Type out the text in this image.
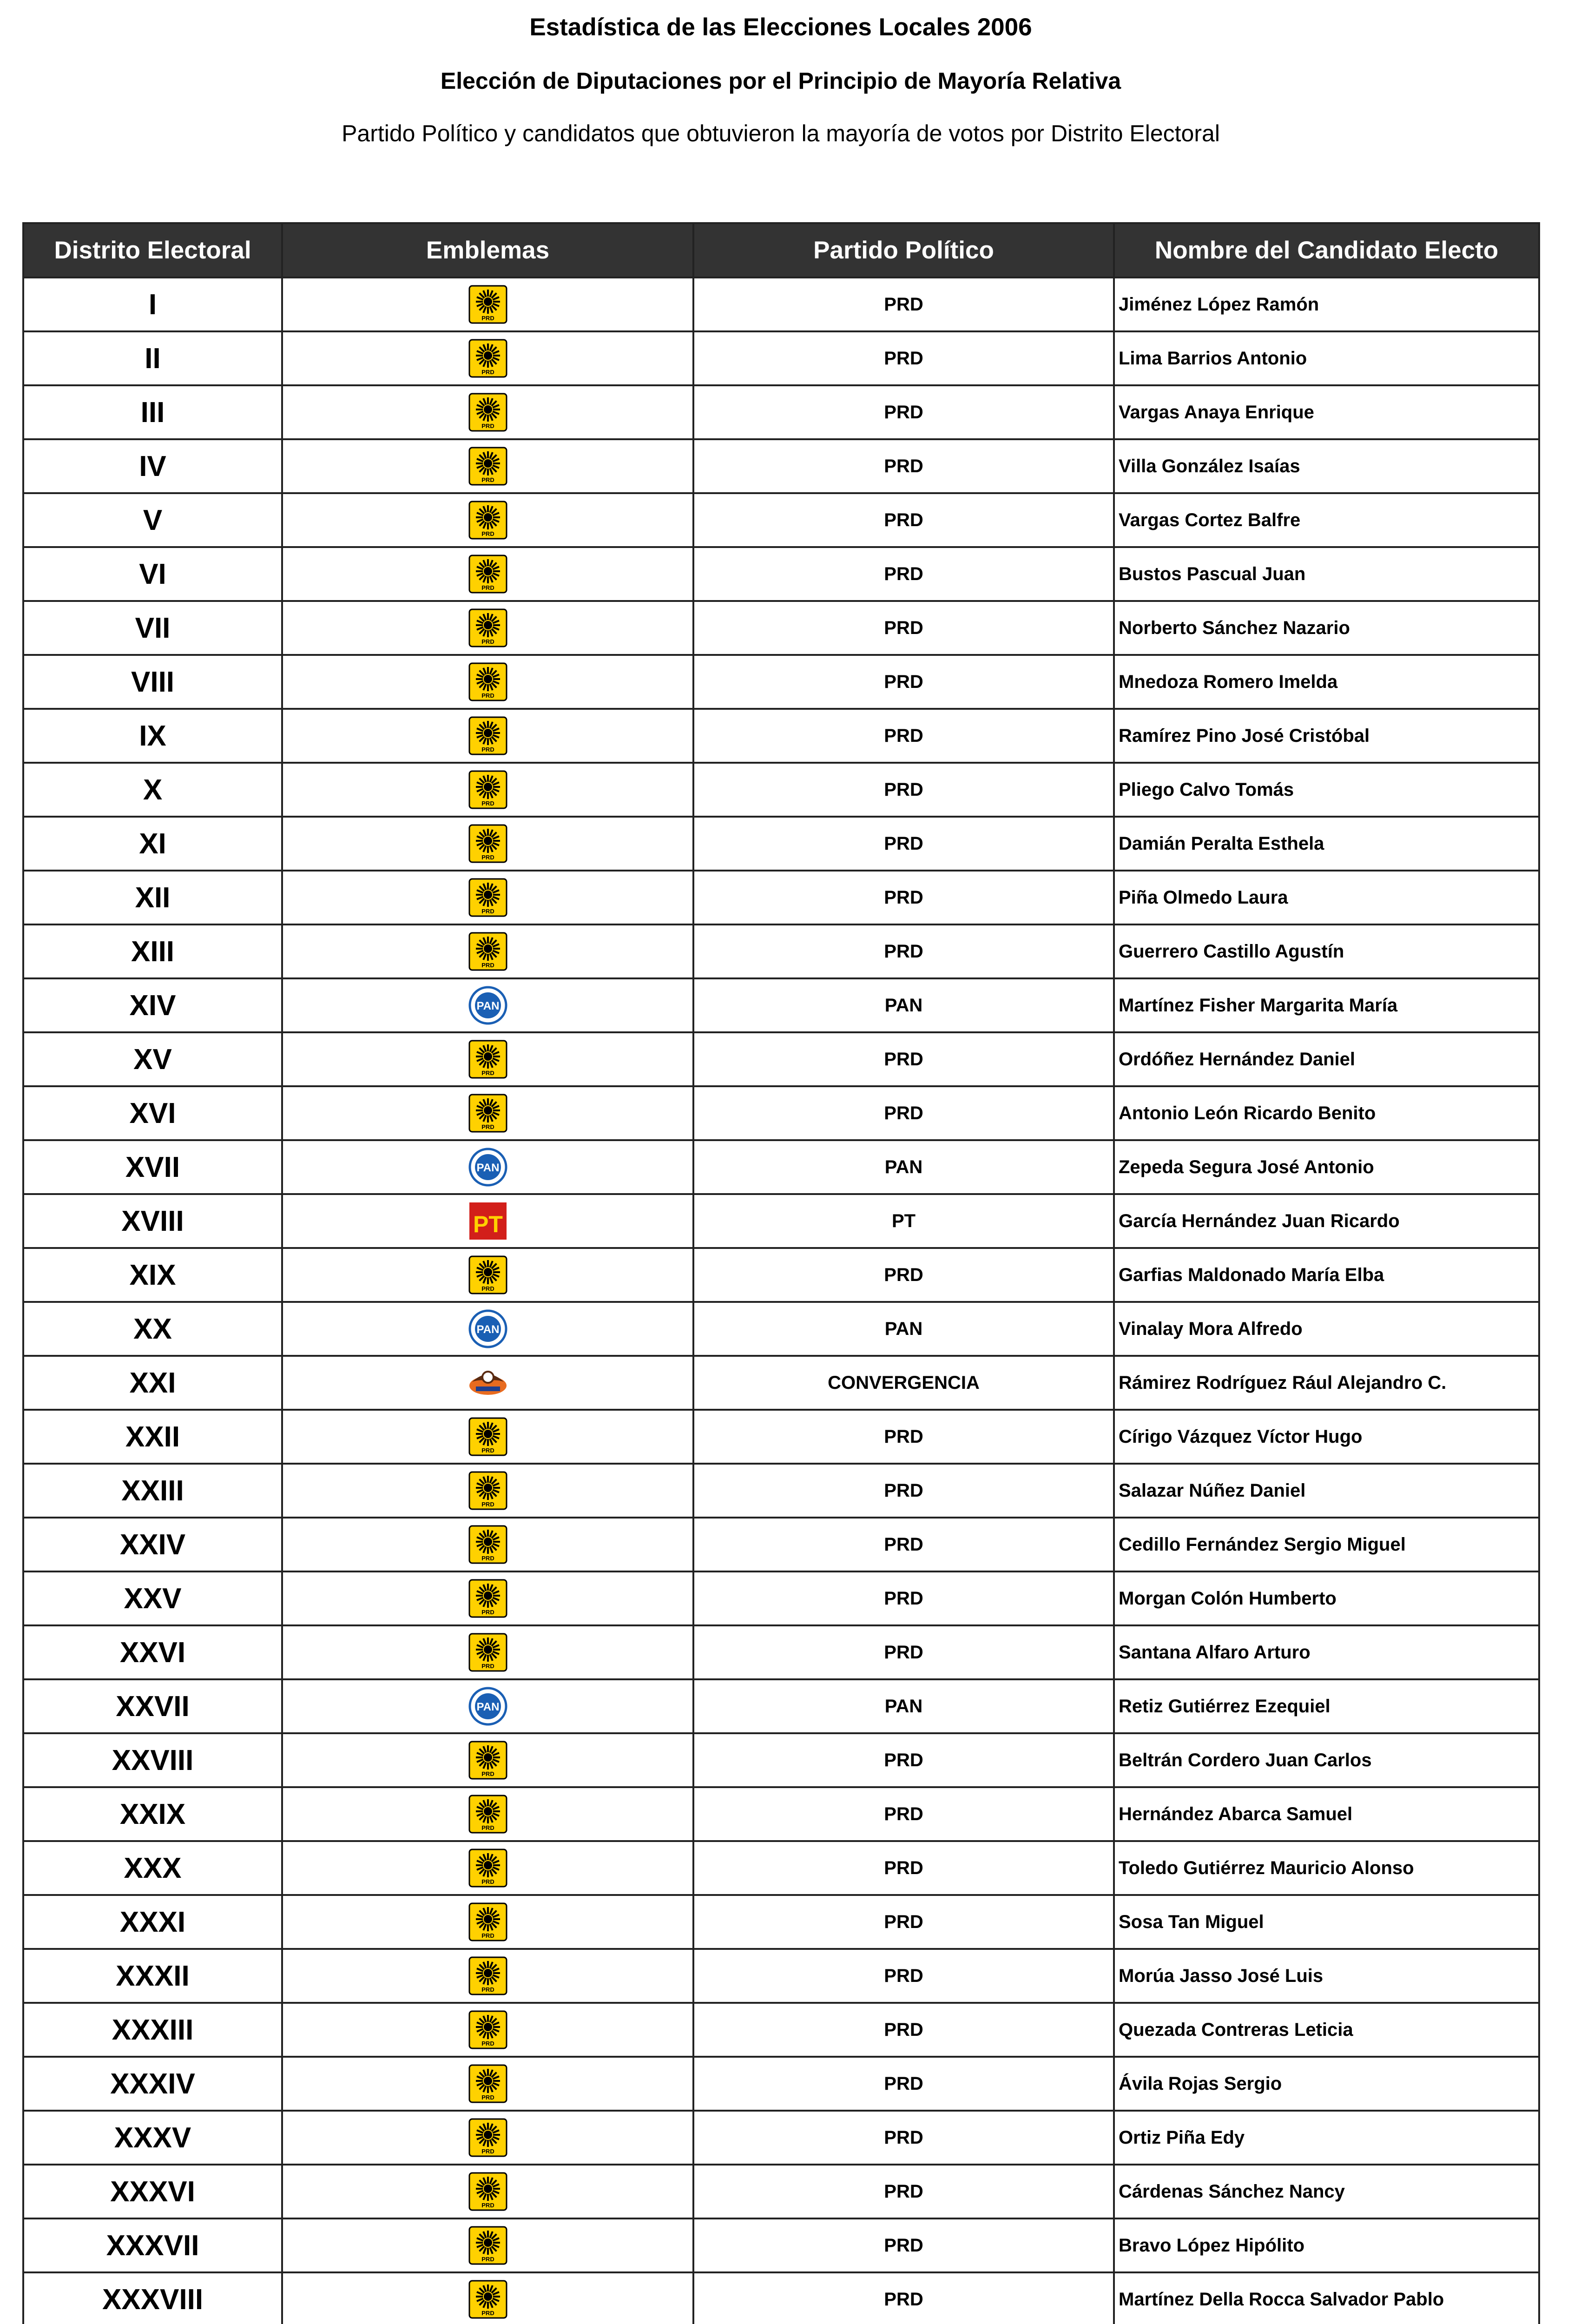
Estadística de las Elecciones Locales 2006
Elección de Diputaciones por el Principio de Mayoría Relativa
Partido Político y candidatos que obtuvieron la mayoría de votos por Distrito Electoral
Distrito Electoral	Emblemas	Partido Político	Nombre del Candidato Electo
I	PRD	PRD	Jiménez López Ramón
II	PRD	PRD	Lima Barrios Antonio
III	PRD	PRD	Vargas Anaya Enrique
IV	PRD	PRD	Villa González Isaías
V	PRD	PRD	Vargas Cortez Balfre
VI	PRD	PRD	Bustos Pascual Juan
VII	PRD	PRD	Norberto Sánchez Nazario
VIII	PRD	PRD	Mnedoza Romero Imelda
IX	PRD	PRD	Ramírez Pino José Cristóbal
X	PRD	PRD	Pliego Calvo Tomás
XI	PRD	PRD	Damián Peralta Esthela
XII	PRD	PRD	Piña Olmedo Laura
XIII	PRD	PRD	Guerrero Castillo Agustín
XIV	PAN	PAN	Martínez Fisher Margarita María
XV	PRD	PRD	Ordóñez Hernández Daniel
XVI	PRD	PRD	Antonio León Ricardo Benito
XVII	PAN	PAN	Zepeda Segura José Antonio
XVIII	PT	PT	García Hernández Juan Ricardo
XIX	PRD	PRD	Garfias Maldonado María Elba
XX	PAN	PAN	Vinalay Mora Alfredo
XXI		CONVERGENCIA	Rámirez Rodríguez Rául Alejandro C.
XXII	PRD	PRD	Círigo Vázquez Víctor Hugo
XXIII	PRD	PRD	Salazar Núñez Daniel
XXIV	PRD	PRD	Cedillo Fernández Sergio Miguel
XXV	PRD	PRD	Morgan Colón Humberto
XXVI	PRD	PRD	Santana Alfaro Arturo
XXVII	PAN	PAN	Retiz Gutiérrez Ezequiel
XXVIII	PRD	PRD	Beltrán Cordero Juan Carlos
XXIX	PRD	PRD	Hernández Abarca Samuel
XXX	PRD	PRD	Toledo Gutiérrez Mauricio Alonso
XXXI	PRD	PRD	Sosa Tan Miguel
XXXII	PRD	PRD	Morúa Jasso José Luis
XXXIII	PRD	PRD	Quezada Contreras Leticia
XXXIV	PRD	PRD	Ávila Rojas Sergio
XXXV	PRD	PRD	Ortiz Piña Edy
XXXVI	PRD	PRD	Cárdenas Sánchez Nancy
XXXVII	PRD	PRD	Bravo López Hipólito
XXXVIII	PRD	PRD	Martínez Della Rocca Salvador Pablo
